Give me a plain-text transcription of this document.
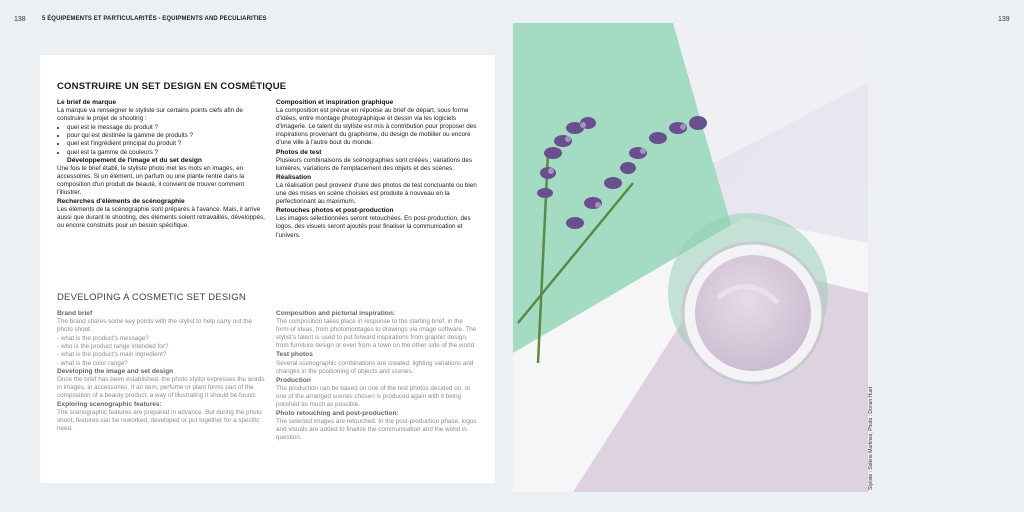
138	5 ÉQUIPEMENTS ET PARTICULARITÉS - EQUIPMENTS AND PECULIARITIES	139
CONSTRUIRE UN SET DESIGN EN COSMÉTIQUE
Le brief de marque

La marque va renseigner le styliste sur certains points clefs afin de construire le projet de shooting :

• quel est le message du produit ?
• pour qui est destinée la gamme de produits ?
• quel est l'ingrédient principal du produit ?
• quel est la gamme de couleurs ?
Développement de l'image et du set design

Une fois le brief établi, le styliste photo met les mots en images, en accessoires. Si un élément, un parfum ou une plante rentre dans la composition d'un produit de beauté, il convient de trouver comment l'illustrer.

Recherches d'éléments de scénographie

Les éléments de la scénographie sont préparés à l'avance. Mais, il arrive aussi que durant le shooting, des éléments soient retravaillés, développés, ou encore construits pour un besoin spécifique.

Composition et inspiration graphique

La composition est prévue en réponse au brief de départ, sous forme d'idées, entre montage photographique et dessin via les logiciels d'imagerie. Le talent du styliste est mis à contribution pour proposer des inspirations provenant du graphisme, du design de mobilier ou encore d'une ville à l'autre bout du monde.

Photos de test

Plusieurs combinaisons de scénographies sont créées : variations des lumières, variations de l'emplacement des objets et des scènes.

Réalisation

La réalisation peut provenir d'une des photos de test concluante ou bien une des mises en scène choisies est produite à nouveau en la perfectionnant au maximum.

Retouches photos et post-production

Les images sélectionnées seront retouchées. En post-production, des logos, des visuels seront ajoutés pour finaliser la communication et l'univers.

DEVELOPING A COSMETIC SET DESIGN
Brand brief

The brand shares some key points with the stylist to help carry out the photo shoot.

- what is the product's message?
- who is the product range intended for?
- what is the product's main ingredient?
- what is the color range?
Developing the image and set design

Once the brief has been established, the photo stylist expresses the words in images, in accessories. If an item, perfume or plant forms part of the composition of a beauty product, a way of illustrating it should be found.

Exploring scenographic features:

The scenographic features are prepared in advance. But during the photo shoot, features can be reworked, developed or put together for a specific need.

Composition and pictorial inspiration:

The composition takes place in response to the starting brief, in the form of ideas, from photomontages to drawings via image software. The stylist's talent is used to put forward inspirations from graphic design, from furniture design or even from a town on the other side of the world.

Test photos

Several scenographic combinations are created: lighting variations and changes in the positioning of objects and scenes.

Production

The production can be based on one of the test photos decided on, or one of the arranged scenes chosen is produced again with it being polished as much as possible.

Photo retouching and post-production:

The selected images are retouched. In the post-production phase, logos and visuals are added to finalize the communication and the world in question.	Styliste : Solène Martinez, Photo : Dorian Huet
